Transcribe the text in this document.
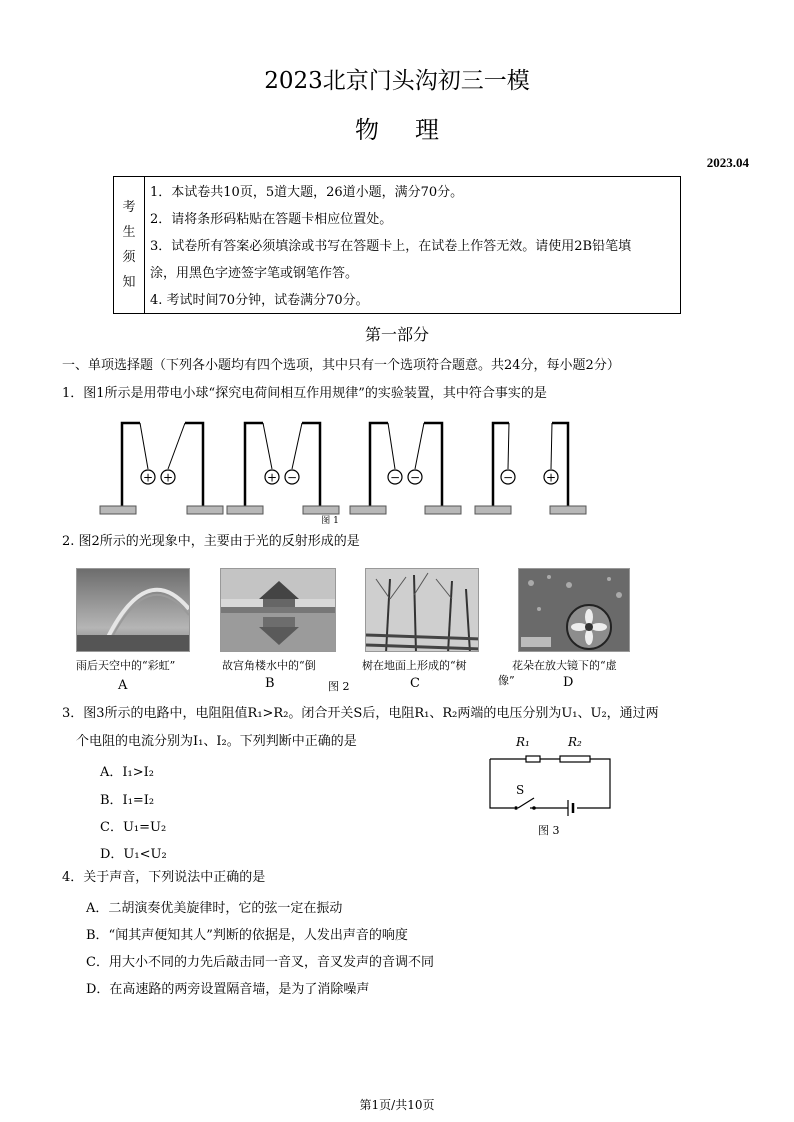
2023北京门头沟初三一模
物理
2023.04
考
生
须
知
1．本试卷共10页，5道大题，26道小题，满分70分。
2．请将条形码粘贴在答题卡相应位置处。
3．试卷所有答案必须填涂或书写在答题卡上，在试卷上作答无效。请使用2B铅笔填
涂，用黑色字迹签字笔或钢笔作答。
4. 考试时间70分钟，试卷满分70分。
第一部分
一、单项选择题（下列各小题均有四个选项，其中只有一个选项符合题意。共24分，每小题2分）
1．图1所示是用带电小球“探究电荷间相互作用规律”的实验装置，其中符合事实的是
+ +	+ −	− −	−	+
图 1
2. 图2所示的光现象中，主要由于光的反射形成的是
雨后天空中的“彩虹”	故宫角楼水中的“倒
图 2
树在地面上形成的“树	花朵在放大镜下的“虚
像”
A	B	C	D
3．图3所示的电路中，电阻阻值R₁>R₂。闭合开关S后，电阻R₁、R₂两端的电压分别为U₁、U₂，通过两
个电阻的电流分别为I₁、I₂。下列判断中正确的是
A．I₁>I₂
B．I₁=I₂
C．U₁=U₂
D．U₁<U₂
R₁	R₂
S
图 3
4．关于声音，下列说法中正确的是
A．二胡演奏优美旋律时，它的弦一定在振动
B．“闻其声便知其人”判断的依据是，人发出声音的响度
C．用大小不同的力先后敲击同一音叉，音叉发声的音调不同
D．在高速路的两旁设置隔音墙，是为了消除噪声
第1页/共10页
